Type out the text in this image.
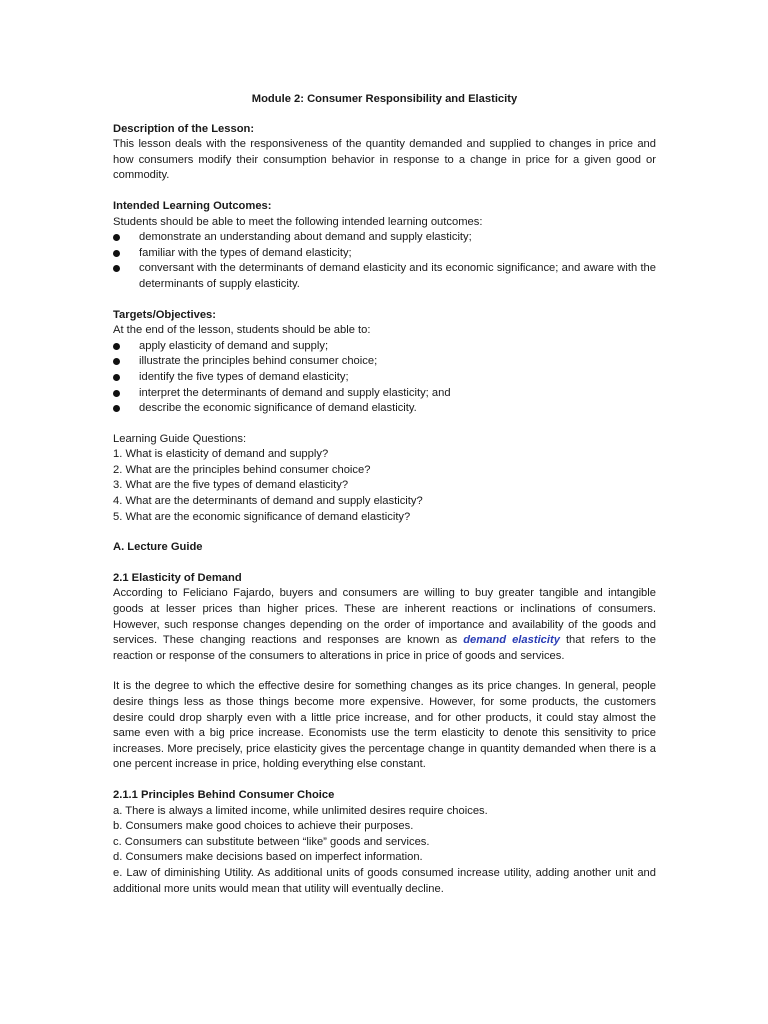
Module 2: Consumer Responsibility and Elasticity
Description of the Lesson:

This lesson deals with the responsiveness of the quantity demanded and supplied to changes in price and how consumers modify their consumption behavior in response to a change in price for a given good or commodity.

Intended Learning Outcomes:
Students should be able to meet the following intended learning outcomes:
demonstrate an understanding about demand and supply elasticity;
familiar with the types of demand elasticity;
conversant with the determinants of demand elasticity and its economic significance; and aware with the determinants of supply elasticity.
Targets/Objectives:
At the end of the lesson, students should be able to:
apply elasticity of demand and supply;
illustrate the principles behind consumer choice;
identify the five types of demand elasticity;
interpret the determinants of demand and supply elasticity; and
describe the economic significance of demand elasticity.
Learning Guide Questions:
1. What is elasticity of demand and supply?
2. What are the principles behind consumer choice?
3. What are the five types of demand elasticity?
4. What are the determinants of demand and supply elasticity?
5. What are the economic significance of demand elasticity?
A. Lecture Guide
2.1 Elasticity of Demand

According to Feliciano Fajardo, buyers and consumers are willing to buy greater tangible and intangible goods at lesser prices than higher prices. These are inherent reactions or inclinations of consumers. However, such response changes depending on the order of importance and availability of the goods and services. These changing reactions and responses are known as demand elasticity that refers to the reaction or response of the consumers to alterations in price in price of goods and services.

It is the degree to which the effective desire for something changes as its price changes. In general, people desire things less as those things become more expensive. However, for some products, the customers desire could drop sharply even with a little price increase, and for other products, it could stay almost the same even with a big price increase. Economists use the term elasticity to denote this sensitivity to price increases. More precisely, price elasticity gives the percentage change in quantity demanded when there is a one percent increase in price, holding everything else constant.

2.1.1 Principles Behind Consumer Choice

a. There is always a limited income, while unlimited desires require choices.

b. Consumers make good choices to achieve their purposes.

c. Consumers can substitute between “like” goods and services.

d. Consumers make decisions based on imperfect information.

e. Law of diminishing Utility. As additional units of goods consumed increase utility, adding another unit and additional more units would mean that utility will eventually decline.
